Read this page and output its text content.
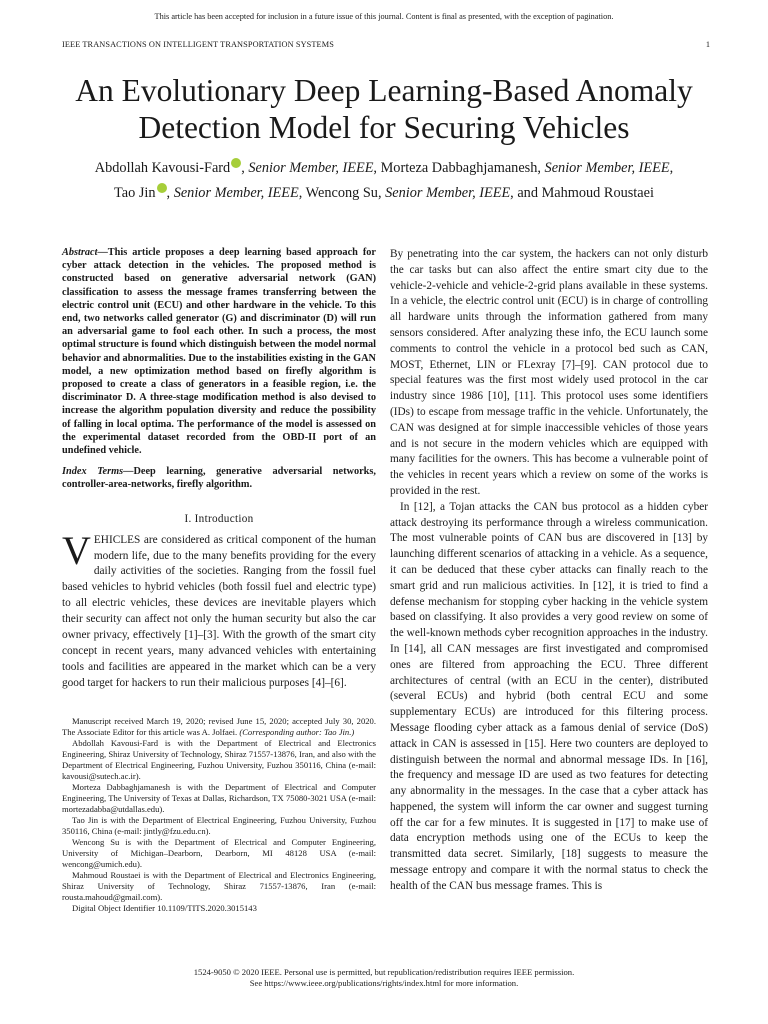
This article has been accepted for inclusion in a future issue of this journal. Content is final as presented, with the exception of pagination.
IEEE TRANSACTIONS ON INTELLIGENT TRANSPORTATION SYSTEMS	1
An Evolutionary Deep Learning-Based Anomaly
Detection Model for Securing Vehicles
Abdollah Kavousi-Fard , Senior Member, IEEE, Morteza Dabbaghjamanesh, Senior Member, IEEE,
Tao Jin , Senior Member, IEEE, Wencong Su, Senior Member, IEEE, and Mahmoud Roustaei

Abstract—This article proposes a deep learning based approach for cyber attack detection in the vehicles. The proposed method is constructed based on generative adversarial network (GAN) classification to assess the message frames transferring between the electric control unit (ECU) and other hardware in the vehicle. To this end, two networks called generator (G) and discriminator (D) will run an adversarial game to fool each other. In such a process, the most optimal structure is found which distinguish between the model normal behavior and abnormalities. Due to the instabilities existing in the GAN model, a new optimization method based on firefly algorithm is proposed to create a class of generators in a feasible region, i.e. the discriminator D. A three-stage modification method is also devised to increase the algorithm population diversity and reduce the possibility of falling in local optima. The performance of the model is assessed on the experimental dataset recorded from the OBD-II port of an undefined vehicle.

Index Terms—Deep learning, generative adversarial networks, controller-area-networks, firefly algorithm.

I. Introduction

VEHICLES are considered as critical component of the human modern life, due to the many benefits providing for the every daily activities of the societies. Ranging from the fossil fuel based vehicles to hybrid vehicles (both fossil fuel and electric type) to all electric vehicles, these devices are inevitable players which their security can affect not only the human security but also the car owner privacy, effectively [1]–[3]. With the growth of the smart city concept in recent years, many advanced vehicles with entertaining tools and facilities are appeared in the market which can be a very good target for hackers to run their malicious purposes [4]–[6].

Manuscript received March 19, 2020; revised June 15, 2020; accepted July 30, 2020. The Associate Editor for this article was A. Jolfaei. (Corresponding author: Tao Jin.)

Abdollah Kavousi-Fard is with the Department of Electrical and Electronics Engineering, Shiraz University of Technology, Shiraz 71557-13876, Iran, and also with the Department of Electrical Engineering, Fuzhou University, Fuzhou 350116, China (e-mail: kavousi@sutech.ac.ir).

Morteza Dabbaghjamanesh is with the Department of Electrical and Computer Engineering, The University of Texas at Dallas, Richardson, TX 75080-3021 USA (e-mail: mortezadabba@utdallas.edu).

Tao Jin is with the Department of Electrical Engineering, Fuzhou University, Fuzhou 350116, China (e-mail: jintly@fzu.edu.cn).

Wencong Su is with the Department of Electrical and Computer Engineering, University of Michigan–Dearborn, Dearborn, MI 48128 USA (e-mail: wencong@umich.edu).

Mahmoud Roustaei is with the Department of Electrical and Electronics Engineering, Shiraz University of Technology, Shiraz 71557-13876, Iran (e-mail: rousta.mahoud@gmail.com).

Digital Object Identifier 10.1109/TITS.2020.3015143

By penetrating into the car system, the hackers can not only disturb the car tasks but can also affect the entire smart city due to the vehicle-2-vehicle and vehicle-2-grid plans available in these systems. In a vehicle, the electric control unit (ECU) is in charge of controlling all hardware units through the information gathered from many sensors considered. After analyzing these info, the ECU launch some comments to control the vehicle in a protocol bed such as CAN, MOST, Ethernet, LIN or FLexray [7]–[9]. CAN protocol due to special features was the first most widely used protocol in the car industry since 1986 [10], [11]. This protocol uses some identifiers (IDs) to escape from message traffic in the vehicle. Unfortunately, the CAN was designed at for simple inaccessible vehicles of those years and is not secure in the modern vehicles which are equipped with many facilities for the owners. This has become a vulnerable point of the vehicles in recent years which a review on some of the works is provided in the rest.

In [12], a Tojan attacks the CAN bus protocol as a hidden cyber attack destroying its performance through a wireless communication. The most vulnerable points of CAN bus are discovered in [13] by launching different scenarios of attacking in a vehicle. As a sequence, it can be deduced that these cyber attacks can finally reach to the smart grid and run malicious activities. In [12], it is tried to find a defense mechanism for stopping cyber hacking in the vehicle system based on classifying. It also provides a very good review on some of the well-known methods cyber recognition approaches in the industry. In [14], all CAN messages are first investigated and compromised ones are filtered from approaching the ECU. Three different architectures of central (with an ECU in the center), distributed (several ECUs) and hybrid (both central ECU and some supplementary ECUs) are introduced for this filtering process. Message flooding cyber attack as a famous denial of service (DoS) attack in CAN is assessed in [15]. Here two counters are deployed to distinguish between the normal and abnormal message IDs. In [16], the frequency and message ID are used as two features for detecting any abnormality in the messages. In the case that a cyber attack has happened, the system will inform the car owner and suggest turning off the car for a few minutes. It is suggested in [17] to make use of data encryption methods using one of the ECUs to keep the transmitted data secret. Similarly, [18] suggests to measure the message entropy and compare it with the normal status to check the health of the CAN bus message frames. This is

1524-9050 © 2020 IEEE. Personal use is permitted, but republication/redistribution requires IEEE permission.
See https://www.ieee.org/publications/rights/index.html for more information.
